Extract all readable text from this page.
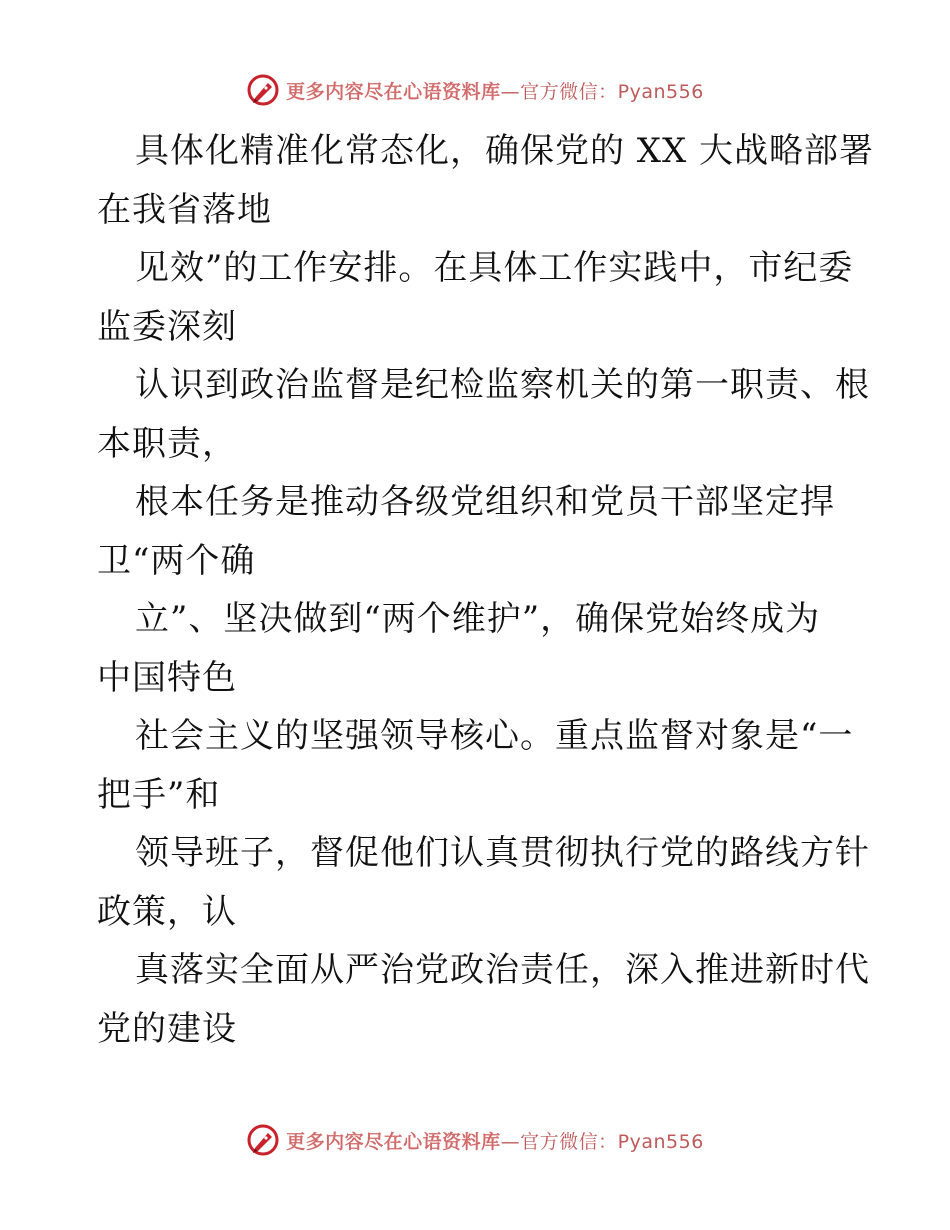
更多内容尽在心语资料库—官方微信：Pyan556
具体化精准化常态化，确保党的 XX 大战略部署
在我省落地
见效”的工作安排。在具体工作实践中，市纪委
监委深刻
认识到政治监督是纪检监察机关的第一职责、根
本职责，
根本任务是推动各级党组织和党员干部坚定捍
卫“两个确
立”、坚决做到“两个维护”，确保党始终成为
中国特色
社会主义的坚强领导核心。重点监督对象是“一
把手”和
领导班子，督促他们认真贯彻执行党的路线方针
政策，认
真落实全面从严治党政治责任，深入推进新时代
党的建设
更多内容尽在心语资料库—官方微信：Pyan556
